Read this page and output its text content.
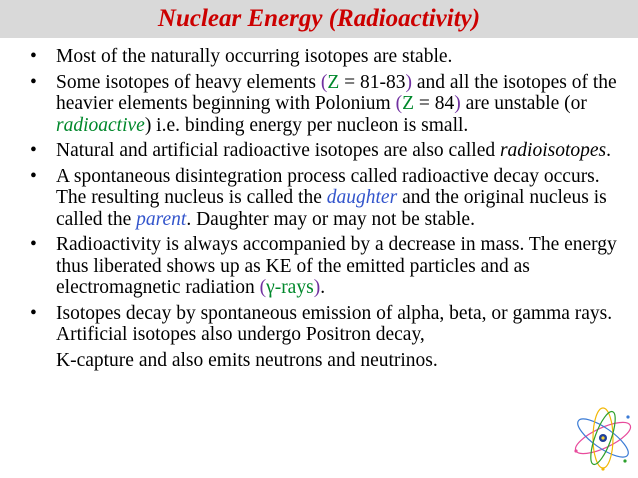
Nuclear Energy (Radioactivity)
• Most of the naturally occurring isotopes are stable.
• Some isotopes of heavy elements (Z = 81-83) and all the isotopes of the heavier elements beginning with Polonium (Z = 84) are unstable (or radioactive) i.e. binding energy per nucleon is small.
• Natural and artificial radioactive isotopes are also called radioisotopes.
• A spontaneous disintegration process called radioactive decay occurs. The resulting nucleus is called the daughter and the original nucleus is called the parent. Daughter may or may not be stable.
• Radioactivity is always accompanied by a decrease in mass. The energy thus liberated shows up as KE of the emitted particles and as electromagnetic radiation (γ-rays).
• Isotopes decay by spontaneous emission of alpha, beta, or gamma rays. Artificial isotopes also undergo Positron decay,
K-capture and also emits neutrons and neutrinos.
